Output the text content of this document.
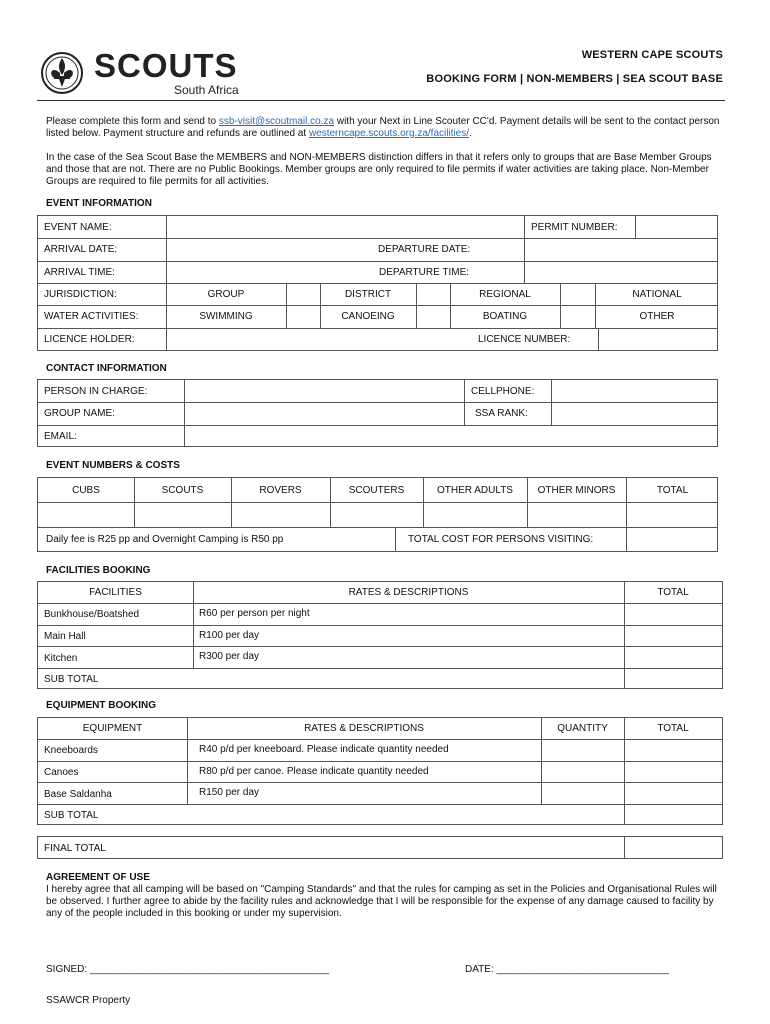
SCOUTS
South Africa
WESTERN CAPE SCOUTS
BOOKING FORM | NON-MEMBERS | SEA SCOUT BASE
Please complete this form and send to ssb-visit@scoutmail.co.za with your Next in Line Scouter CC'd. Payment details will be sent to the contact person listed below. Payment structure and refunds are outlined at westerncape.scouts.org.za/facilities/.
In the case of the Sea Scout Base the MEMBERS and NON-MEMBERS distinction differs in that it refers only to groups that are Base Member Groups and those that are not. There are no Public Bookings. Member groups are only required to file permits if water activities are taking place. Non-Member Groups are required to file permits for all activities.
EVENT INFORMATION
EVENT NAME:	PERMIT NUMBER:
ARRIVAL DATE:	DEPARTURE DATE:
ARRIVAL TIME:	DEPARTURE TIME:
JURISDICTION:	GROUP	DISTRICT	REGIONAL	NATIONAL
WATER ACTIVITIES:	SWIMMING	CANOEING	BOATING	OTHER
LICENCE HOLDER:	LICENCE NUMBER:
CONTACT INFORMATION
PERSON IN CHARGE:	CELLPHONE:
GROUP NAME:	SSA RANK:
EMAIL:
EVENT NUMBERS & COSTS
CUBS	SCOUTS	ROVERS	SCOUTERS	OTHER ADULTS	OTHER MINORS	TOTAL
Daily fee is R25 pp and Overnight Camping is R50 pp	TOTAL COST FOR PERSONS VISITING:
FACILITIES BOOKING
FACILITIES	RATES & DESCRIPTIONS	TOTAL
Bunkhouse/Boatshed	R60 per person per night
Main Hall	R100 per day
Kitchen	R300 per day
SUB TOTAL
EQUIPMENT BOOKING
EQUIPMENT	RATES & DESCRIPTIONS	QUANTITY	TOTAL
Kneeboards	R40 p/d per kneeboard. Please indicate quantity needed
Canoes	R80 p/d per canoe. Please indicate quantity needed
Base Saldanha	R150 per day
SUB TOTAL
FINAL TOTAL
AGREEMENT OF USE
I hereby agree that all camping will be based on "Camping Standards" and that the rules for camping as set in the Policies and Organisational Rules will be observed. I further agree to abide by the facility rules and acknowledge that I will be responsible for the expense of any damage caused to facility by any of the people included in this booking or under my supervision.
SIGNED: ___________________________________________	DATE: _______________________________
SSAWCR Property
